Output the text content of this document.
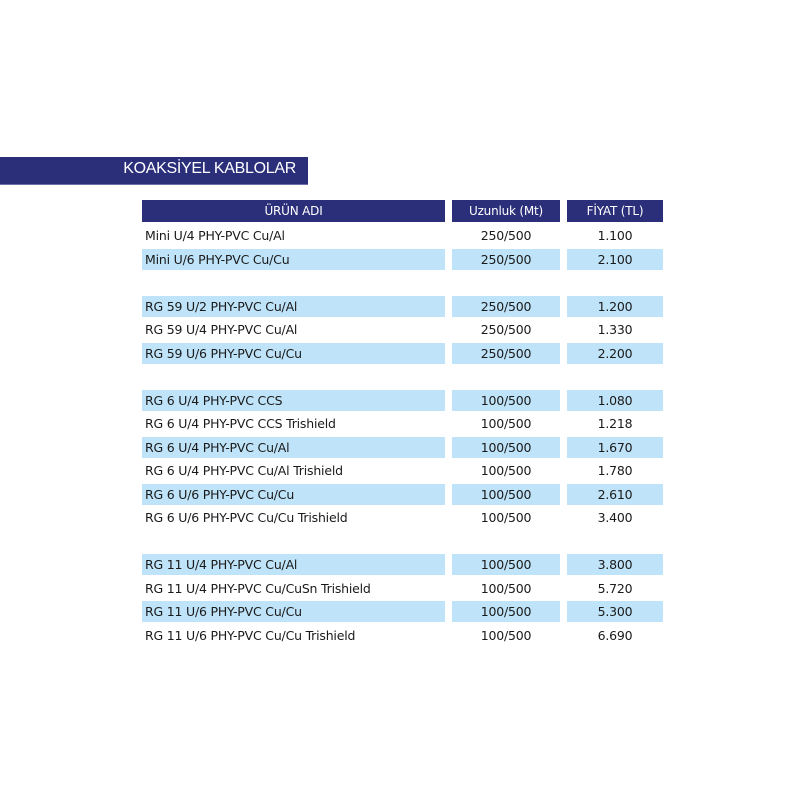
KOAKSİYEL KABLOLAR
ÜRÜN ADI	Uzunluk (Mt)	FİYAT (TL)
Mini U/4 PHY-PVC Cu/Al	250/500	1.100
Mini U/6 PHY-PVC Cu/Cu	250/500	2.100
RG 59 U/2 PHY-PVC Cu/Al	250/500	1.200
RG 59 U/4 PHY-PVC Cu/Al	250/500	1.330
RG 59 U/6 PHY-PVC Cu/Cu	250/500	2.200
RG 6 U/4 PHY-PVC CCS	100/500	1.080
RG 6 U/4 PHY-PVC CCS Trishield	100/500	1.218
RG 6 U/4 PHY-PVC Cu/Al	100/500	1.670
RG 6 U/4 PHY-PVC Cu/Al Trishield	100/500	1.780
RG 6 U/6 PHY-PVC Cu/Cu	100/500	2.610
RG 6 U/6 PHY-PVC Cu/Cu Trishield	100/500	3.400
RG 11 U/4 PHY-PVC Cu/Al	100/500	3.800
RG 11 U/4 PHY-PVC Cu/CuSn Trishield	100/500	5.720
RG 11 U/6 PHY-PVC Cu/Cu	100/500	5.300
RG 11 U/6 PHY-PVC Cu/Cu Trishield	100/500	6.690
